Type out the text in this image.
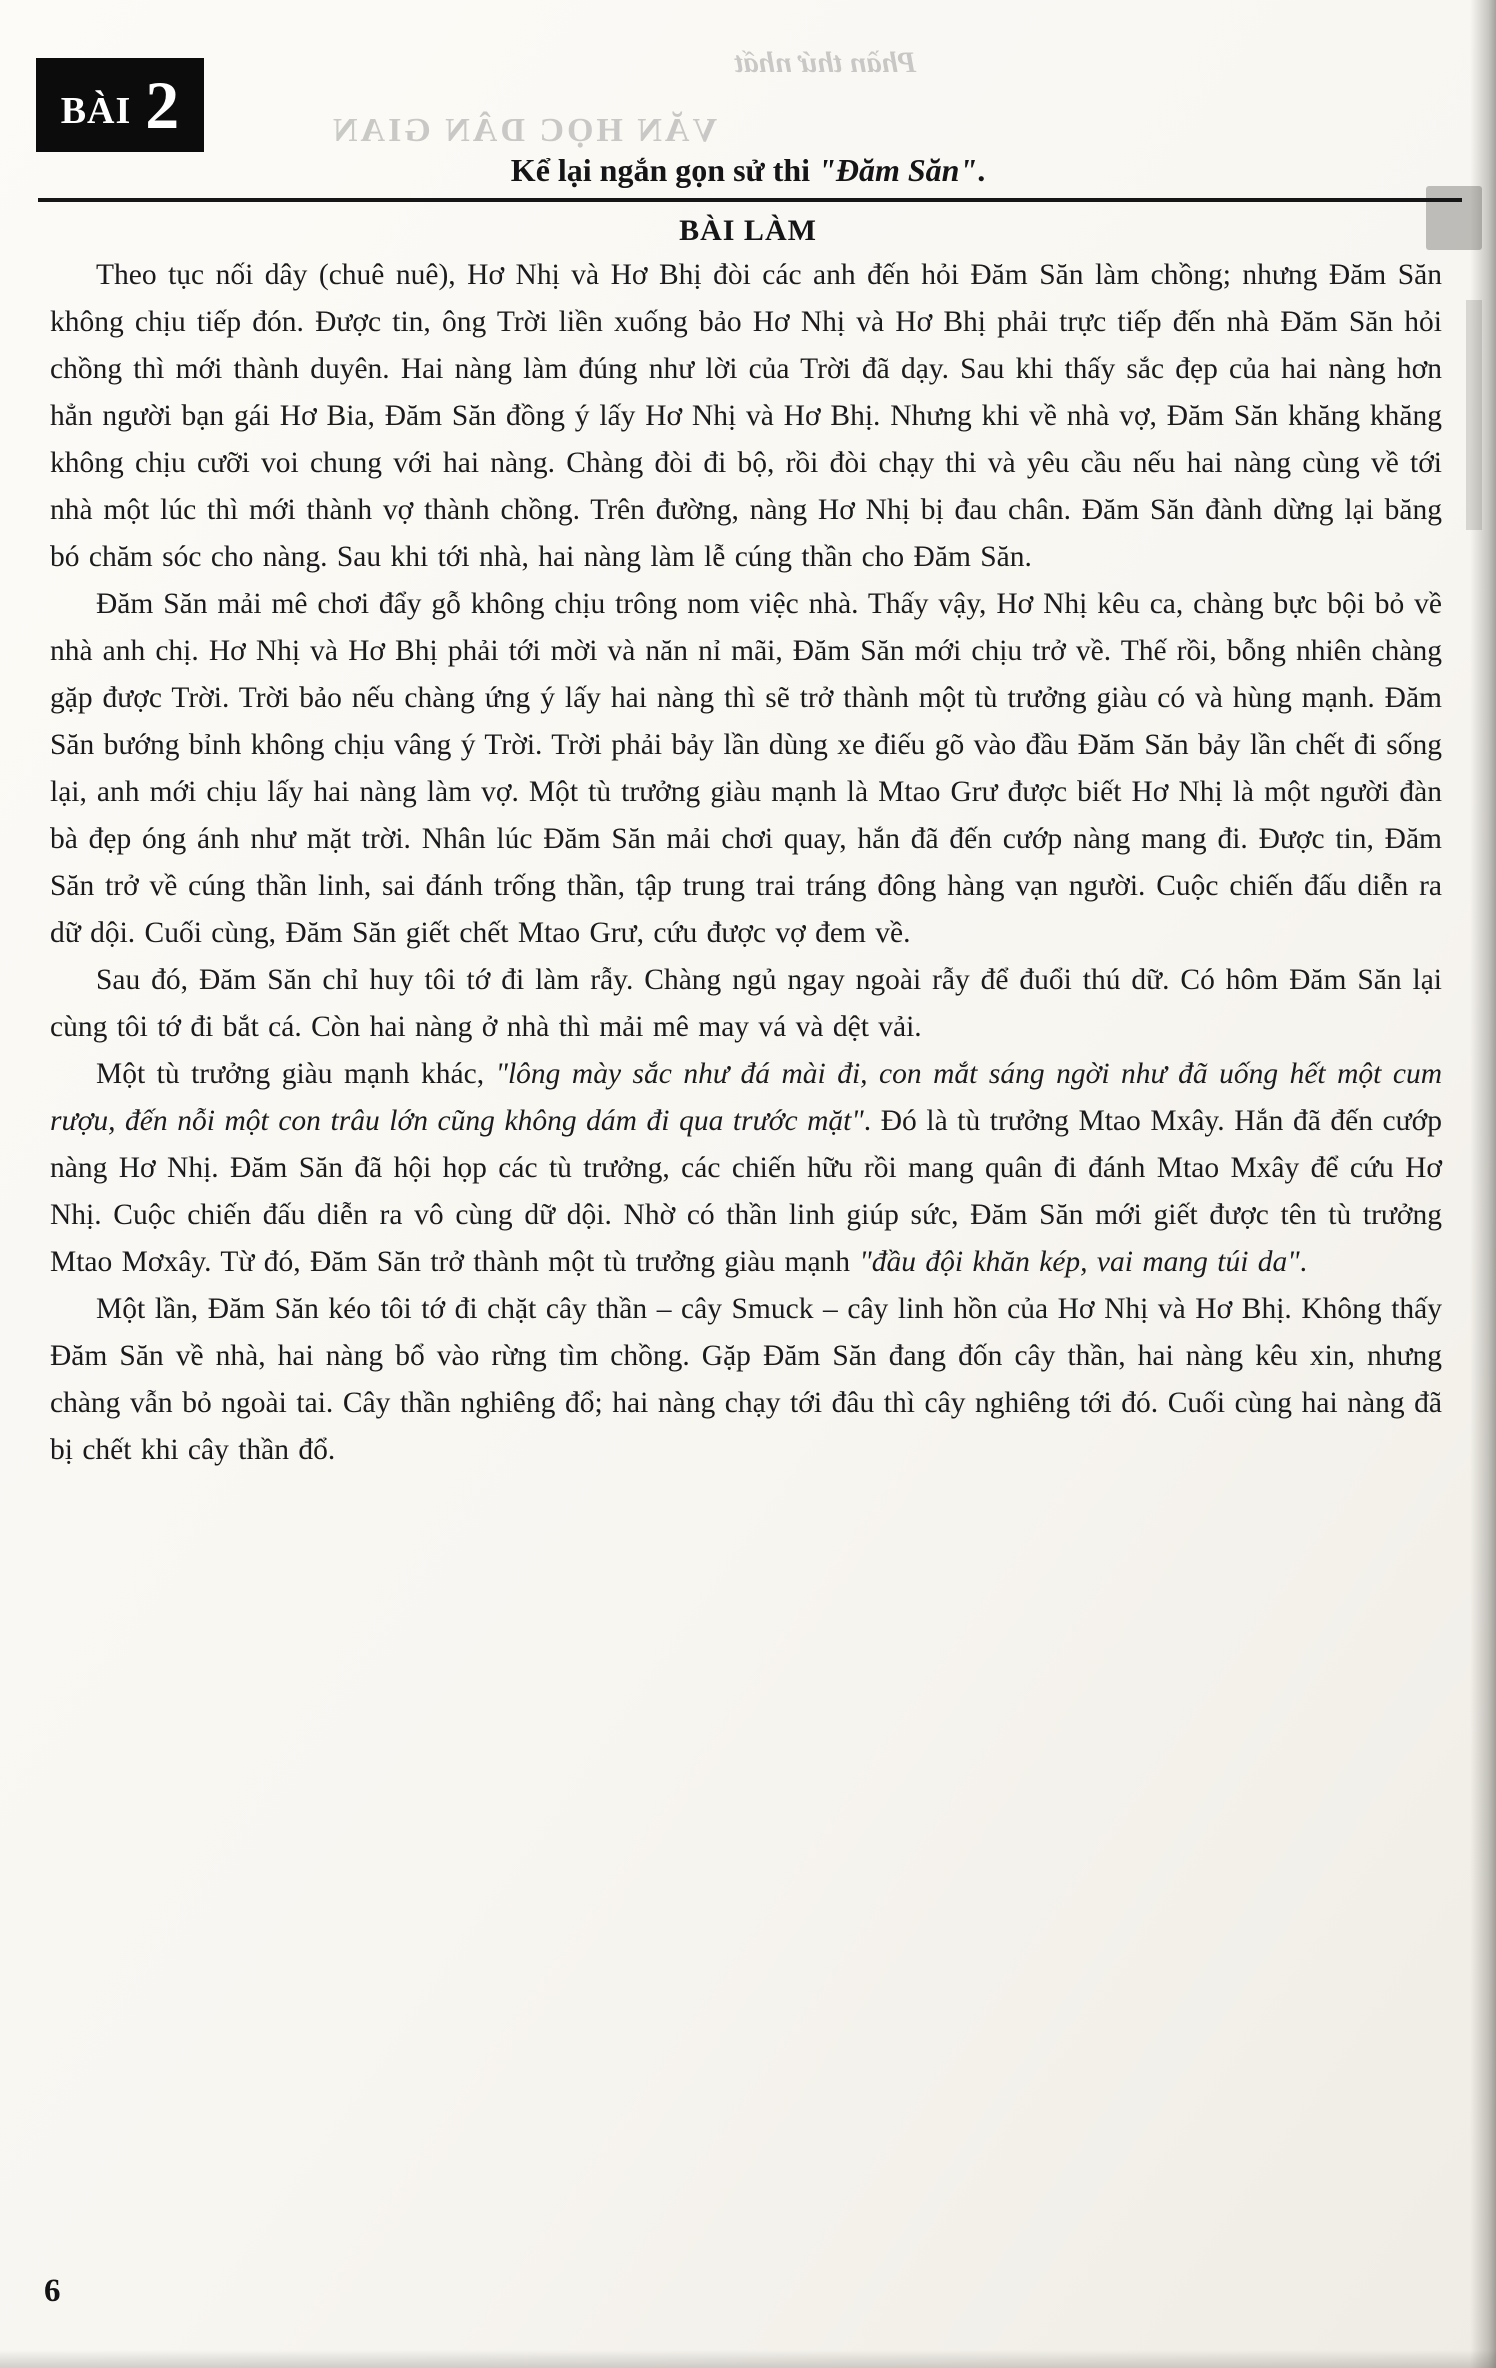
Phần thứ nhất
VĂN HỌC DÂN GIAN
BÀI 2
Kể lại ngắn gọn sử thi "Đăm Săn".
BÀI LÀM

Theo tục nối dây (chuê nuê), Hơ Nhị và Hơ Bhị đòi các anh đến hỏi Đăm Săn làm chồng; nhưng Đăm Săn không chịu tiếp đón. Được tin, ông Trời liền xuống bảo Hơ Nhị và Hơ Bhị phải trực tiếp đến nhà Đăm Săn hỏi chồng thì mới thành duyên. Hai nàng làm đúng như lời của Trời đã dạy. Sau khi thấy sắc đẹp của hai nàng hơn hẳn người bạn gái Hơ Bia, Đăm Săn đồng ý lấy Hơ Nhị và Hơ Bhị. Nhưng khi về nhà vợ, Đăm Săn khăng khăng không chịu cưỡi voi chung với hai nàng. Chàng đòi đi bộ, rồi đòi chạy thi và yêu cầu nếu hai nàng cùng về tới nhà một lúc thì mới thành vợ thành chồng. Trên đường, nàng Hơ Nhị bị đau chân. Đăm Săn đành dừng lại băng bó chăm sóc cho nàng. Sau khi tới nhà, hai nàng làm lễ cúng thần cho Đăm Săn.

Đăm Săn mải mê chơi đẩy gỗ không chịu trông nom việc nhà. Thấy vậy, Hơ Nhị kêu ca, chàng bực bội bỏ về nhà anh chị. Hơ Nhị và Hơ Bhị phải tới mời và năn nỉ mãi, Đăm Săn mới chịu trở về. Thế rồi, bỗng nhiên chàng gặp được Trời. Trời bảo nếu chàng ứng ý lấy hai nàng thì sẽ trở thành một tù trưởng giàu có và hùng mạnh. Đăm Săn bướng bỉnh không chịu vâng ý Trời. Trời phải bảy lần dùng xe điếu gõ vào đầu Đăm Săn bảy lần chết đi sống lại, anh mới chịu lấy hai nàng làm vợ. Một tù trưởng giàu mạnh là Mtao Grư được biết Hơ Nhị là một người đàn bà đẹp óng ánh như mặt trời. Nhân lúc Đăm Săn mải chơi quay, hắn đã đến cướp nàng mang đi. Được tin, Đăm Săn trở về cúng thần linh, sai đánh trống thần, tập trung trai tráng đông hàng vạn người. Cuộc chiến đấu diễn ra dữ dội. Cuối cùng, Đăm Săn giết chết Mtao Grư, cứu được vợ đem về.

Sau đó, Đăm Săn chỉ huy tôi tớ đi làm rẫy. Chàng ngủ ngay ngoài rẫy để đuổi thú dữ. Có hôm Đăm Săn lại cùng tôi tớ đi bắt cá. Còn hai nàng ở nhà thì mải mê may vá và dệt vải.

Một tù trưởng giàu mạnh khác, "lông mày sắc như đá mài đi, con mắt sáng ngời như đã uống hết một cum rượu, đến nỗi một con trâu lớn cũng không dám đi qua trước mặt". Đó là tù trưởng Mtao Mxây. Hắn đã đến cướp nàng Hơ Nhị. Đăm Săn đã hội họp các tù trưởng, các chiến hữu rồi mang quân đi đánh Mtao Mxây để cứu Hơ Nhị. Cuộc chiến đấu diễn ra vô cùng dữ dội. Nhờ có thần linh giúp sức, Đăm Săn mới giết được tên tù trưởng Mtao Mơxây. Từ đó, Đăm Săn trở thành một tù trưởng giàu mạnh "đầu đội khăn kép, vai mang túi da".

Một lần, Đăm Săn kéo tôi tớ đi chặt cây thần – cây Smuck – cây linh hồn của Hơ Nhị và Hơ Bhị. Không thấy Đăm Săn về nhà, hai nàng bổ vào rừng tìm chồng. Gặp Đăm Săn đang đốn cây thần, hai nàng kêu xin, nhưng chàng vẫn bỏ ngoài tai. Cây thần nghiêng đổ; hai nàng chạy tới đâu thì cây nghiêng tới đó. Cuối cùng hai nàng đã bị chết khi cây thần đổ.

6
